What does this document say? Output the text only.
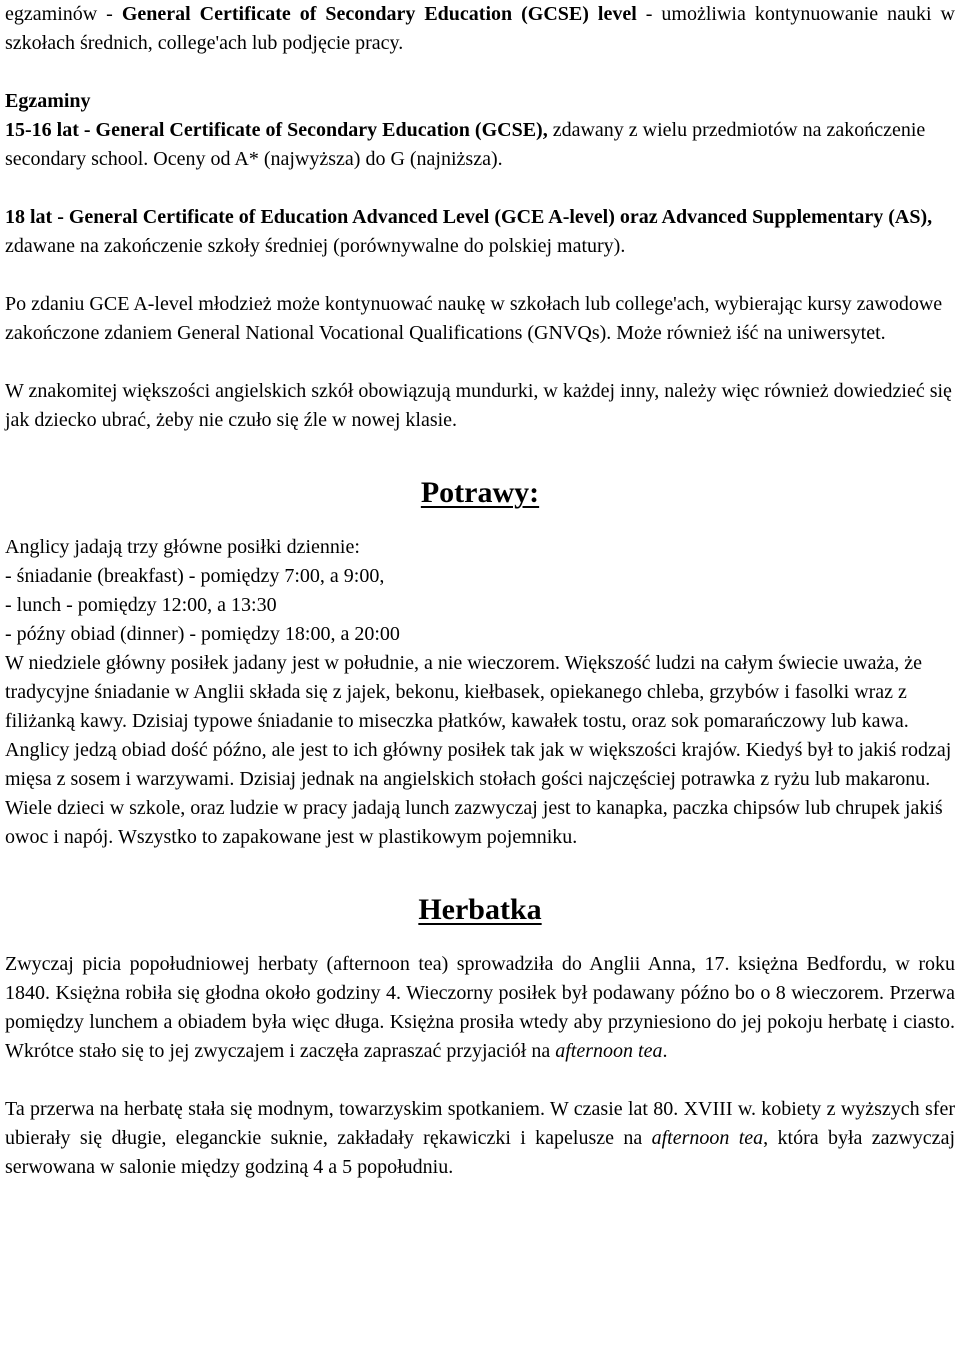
egzaminów - General Certificate of Secondary Education (GCSE) level - umożliwia kontynuowanie nauki w szkołach średnich, college'ach lub podjęcie pracy.

Egzaminy

15-16 lat - General Certificate of Secondary Education (GCSE), zdawany z wielu przedmiotów na zakończenie secondary school. Oceny od A* (najwyższa) do G (najniższa).

18 lat - General Certificate of Education Advanced Level (GCE A-level) oraz Advanced Supplementary (AS), zdawane na zakończenie szkoły średniej (porównywalne do polskiej matury).

Po zdaniu GCE A-level młodzież może kontynuować naukę w szkołach lub college'ach, wybierając kursy zawodowe zakończone zdaniem General National Vocational Qualifications (GNVQs). Może również iść na uniwersytet.

W znakomitej większości angielskich szkół obowiązują mundurki, w każdej inny, należy więc również dowiedzieć się jak dziecko ubrać, żeby nie czuło się źle w nowej klasie.

Potrawy:

Anglicy jadają trzy główne posiłki dziennie:

- śniadanie (breakfast) - pomiędzy 7:00, a 9:00,
- lunch - pomiędzy 12:00, a 13:30
- późny obiad (dinner) - pomiędzy 18:00, a 20:00

W niedziele główny posiłek jadany jest w południe, a nie wieczorem. Większość ludzi na całym świecie uważa, że tradycyjne śniadanie w Anglii składa się z jajek, bekonu, kiełbasek, opiekanego chleba, grzybów i fasolki wraz z filiżanką kawy. Dzisiaj typowe śniadanie to miseczka płatków, kawałek tostu, oraz sok pomarańczowy lub kawa. Anglicy jedzą obiad dość późno, ale jest to ich główny posiłek tak jak w większości krajów. Kiedyś był to jakiś rodzaj mięsa z sosem i warzywami. Dzisiaj jednak na angielskich stołach gości najczęściej potrawka z ryżu lub makaronu. Wiele dzieci w szkole, oraz ludzie w pracy jadają lunch zazwyczaj jest to kanapka, paczka chipsów lub chrupek jakiś owoc i napój. Wszystko to zapakowane jest w plastikowym pojemniku.

Herbatka

Zwyczaj picia popołudniowej herbaty (afternoon tea) sprowadziła do Anglii Anna, 17. księżna Bedfordu, w roku 1840. Księżna robiła się głodna około godziny 4. Wieczorny posiłek był podawany późno bo o 8 wieczorem. Przerwa pomiędzy lunchem a obiadem była więc długa. Księżna prosiła wtedy aby przyniesiono do jej pokoju herbatę i ciasto. Wkrótce stało się to jej zwyczajem i zaczęła zapraszać przyjaciół na afternoon tea.

Ta przerwa na herbatę stała się modnym, towarzyskim spotkaniem. W czasie lat 80. XVIII w. kobiety z wyższych sfer ubierały się długie, eleganckie suknie, zakładały rękawiczki i kapelusze na afternoon tea, która była zazwyczaj serwowana w salonie między godziną 4 a 5 popołudniu.
